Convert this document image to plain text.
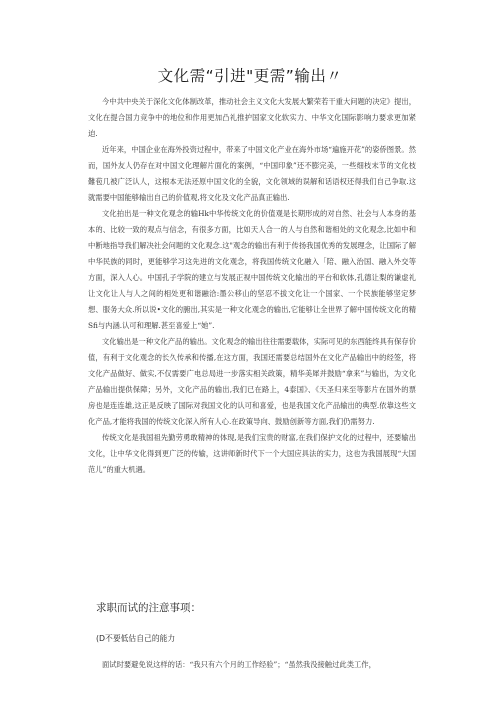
文化需“引进"更需”输出〃

今中共中央关于深化文化体制改革，推动社会主义文化大发展大繁荣若干重大问题的决定》提出，文化在提合国力竞争中的地位和作用更加凸礼推护国家文化软实力、中华文化国际影响力要求更加紧迫.

近年来，中国企业在海外投资过程中，带来了中国文化产业在海外市场“遍施开花”的姿侨图景。然而，国外友人仍存在对中国文化理解片面化的案例，“中国印象”还不膨完美，一些细枝末节的文化枝難苞几被广泛认人，这根本无法还原中国文化的全貌，文化领域的误解和话语权还得我们自己争取.这就需要中国能够输出自己的价值观,将文化及文化产品真正输出.

文化拍出是一种文化观念的输Hk中华传统文化的价值观是长期形成的对自然、社会与人本身的基本的、比较一致的观点与信念，有很多方面，比如天人合一的人与自然和谐相处的文化观念,比如中和中断地指导我们解决社会问题的文化观念.这"观念的输出有利于传扬我国优秀的发展理念，让国际了解中华民族的同时，更能够学习这先进的文化观念，将我国传统文化融入「陪、融入治国、融入外交等方面，深入人心。中国孔子学院的建立与发展正视中国传统文化输出的平台和软体,孔德让梨的谦虚礼让文化让人与人之间的相处更和谐融洽:墨公移山的坚忍不拔文化让一个国家、一个民族能够坚定梦想、服务大众.所以说•文化的腑出,其实是一种文化观念的输出,它能够让全世界了解中国传统文化的精Sfi与内涵.认可和理解.甚至喜爱上“她”.

文化输出是一种文化产品的输出。文化观念的输出往往需要载体，实际可见的东西能终具有保存价值，有利于文化观念的长久传承和传播,在这方面，我国还需要总结国外在文化产品输出中的经签，将文化产品做好、做实,不仅需要广电总局进一步落实相关政策，精华美犀并鼓励“拿来”与输出，为文化产品输出提供保障；另外，文化产品的输出,我们已在路上，4泰国》、《天圣归来至等影片在国外的票房也是连连雄,这正是反映了国际对我国文化的认可和喜爱，也是我国文化产品输出的典型.依靠这些文化产品,才能将我国的传统文化深入所有人心.在政策导向、鼓励创新等方面,我们仍需努力.

传统文化是我国祖先勤劳勇敢精神的体现,是我们宝贵的财富,在我们保护文化的过程中，还要输出文化，让中华文化得到更广泛的传输，这讲师新时代下一个大国应具法的实力，这也为我国展现“大国范儿”的重大机遇。

求职而试的注意事项：
(D不要低估自己的能力
面试时要避免说这样的话：“我只有六个月的工作经验”；“虽然我没接触过此类工作，
